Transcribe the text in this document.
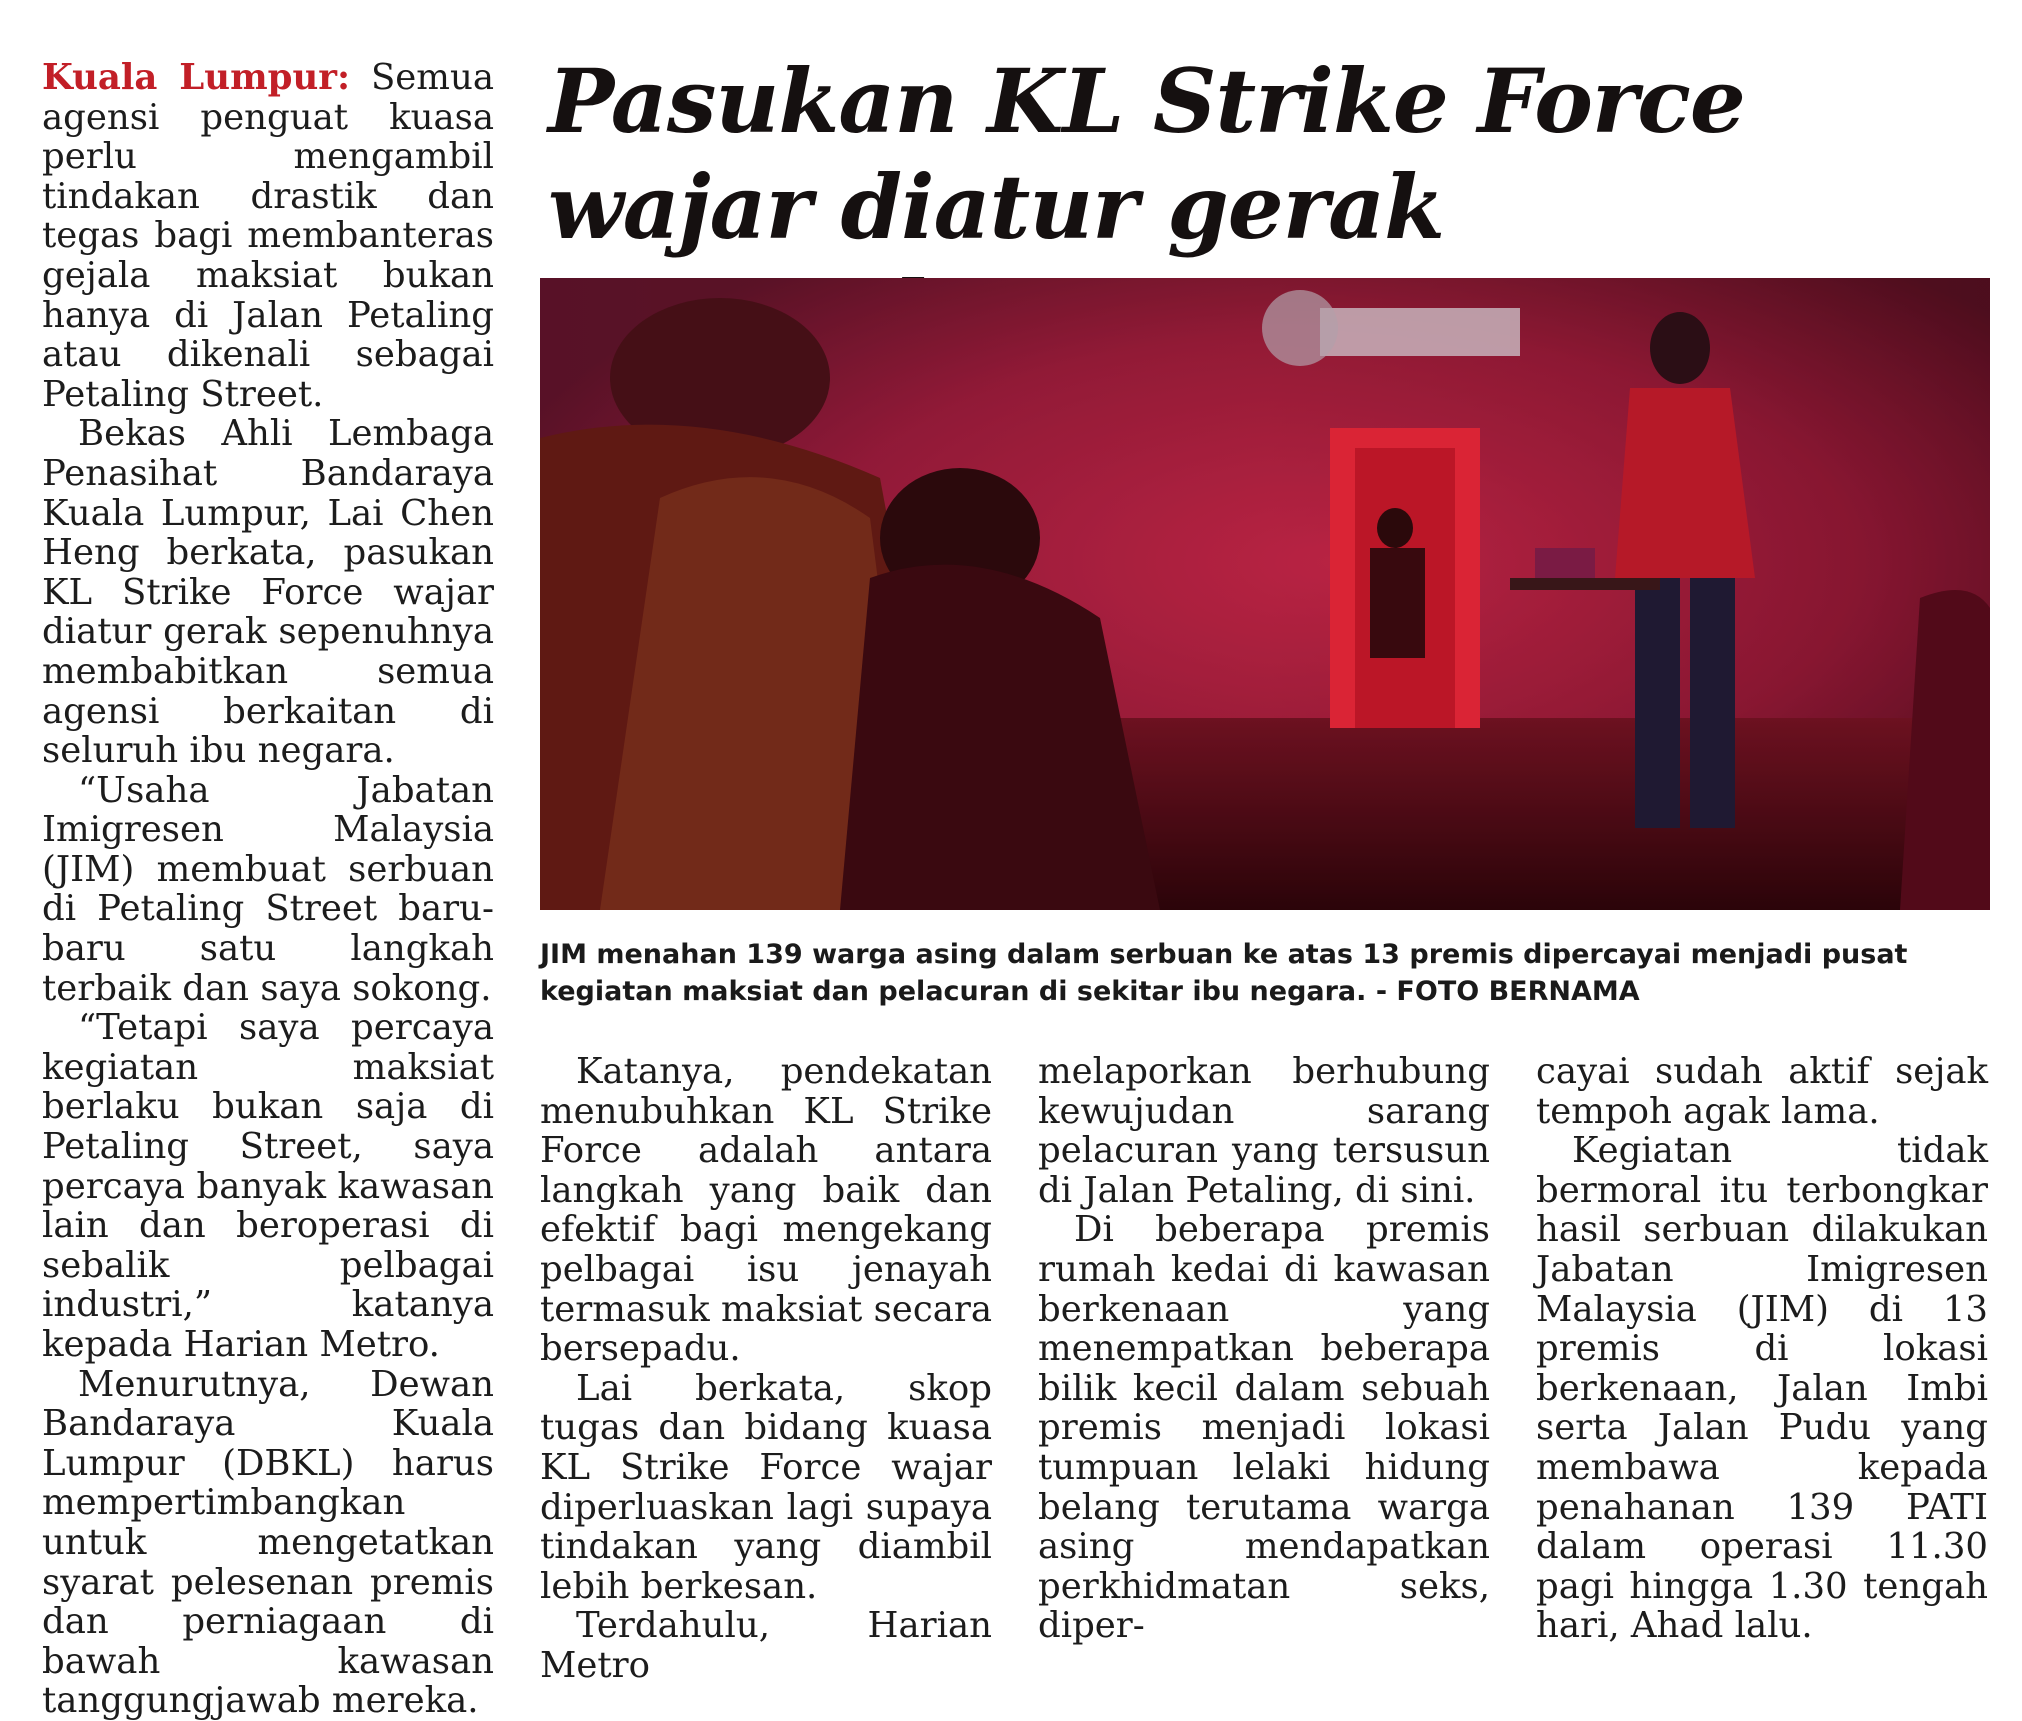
Pasukan KL Strike Force
wajar diatur gerak

Kuala Lumpur: Semua agensi penguat kuasa perlu mengambil tindakan drastik dan tegas bagi membanteras gejala maksiat bukan hanya di Jalan Petaling atau dikenali sebagai Petaling Street.

Bekas Ahli Lembaga Penasihat Bandaraya Kuala Lumpur, Lai Chen Heng berkata, pasukan KL Strike Force wajar diatur gerak sepenuhnya membabitkan semua agensi berkaitan di seluruh ibu negara.

“Usaha Jabatan Imigresen Malaysia (JIM) membuat serbuan di Petaling Street baru-baru satu langkah terbaik dan saya sokong.

“Tetapi saya percaya kegiatan maksiat berlaku bukan saja di Petaling Street, saya percaya banyak kawasan lain dan beroperasi di sebalik pelbagai industri,” katanya kepada Harian Metro.

Menurutnya, Dewan Bandaraya Kuala Lumpur (DBKL) harus mempertimbangkan untuk mengetatkan syarat pelesenan premis dan perniagaan di bawah kawasan tanggungjawab mereka.

JIM menahan 139 warga asing dalam serbuan ke atas 13 premis dipercayai menjadi pusat kegiatan maksiat dan pelacuran di sekitar ibu negara. - FOTO BERNAMA

Katanya, pendekatan menubuhkan KL Strike Force adalah antara langkah yang baik dan efektif bagi mengekang pelbagai isu jenayah termasuk maksiat secara bersepadu.

Lai berkata, skop tugas dan bidang kuasa KL Strike Force wajar diperluaskan lagi supaya tindakan yang diambil lebih berkesan.

Terdahulu, Harian Metro

melaporkan berhubung kewujudan sarang pelacuran yang tersusun di Jalan Petaling, di sini.

Di beberapa premis rumah kedai di kawasan berkenaan yang menempatkan beberapa bilik kecil dalam sebuah premis menjadi lokasi tumpuan lelaki hidung belang terutama warga asing mendapatkan perkhidmatan seks, diper-

cayai sudah aktif sejak tempoh agak lama.

Kegiatan tidak bermoral itu terbongkar hasil serbuan dilakukan Jabatan Imigresen Malaysia (JIM) di 13 premis di lokasi berkenaan, Jalan Imbi serta Jalan Pudu yang membawa kepada penahanan 139 PATI dalam operasi 11.30 pagi hingga 1.30 tengah hari, Ahad lalu.
